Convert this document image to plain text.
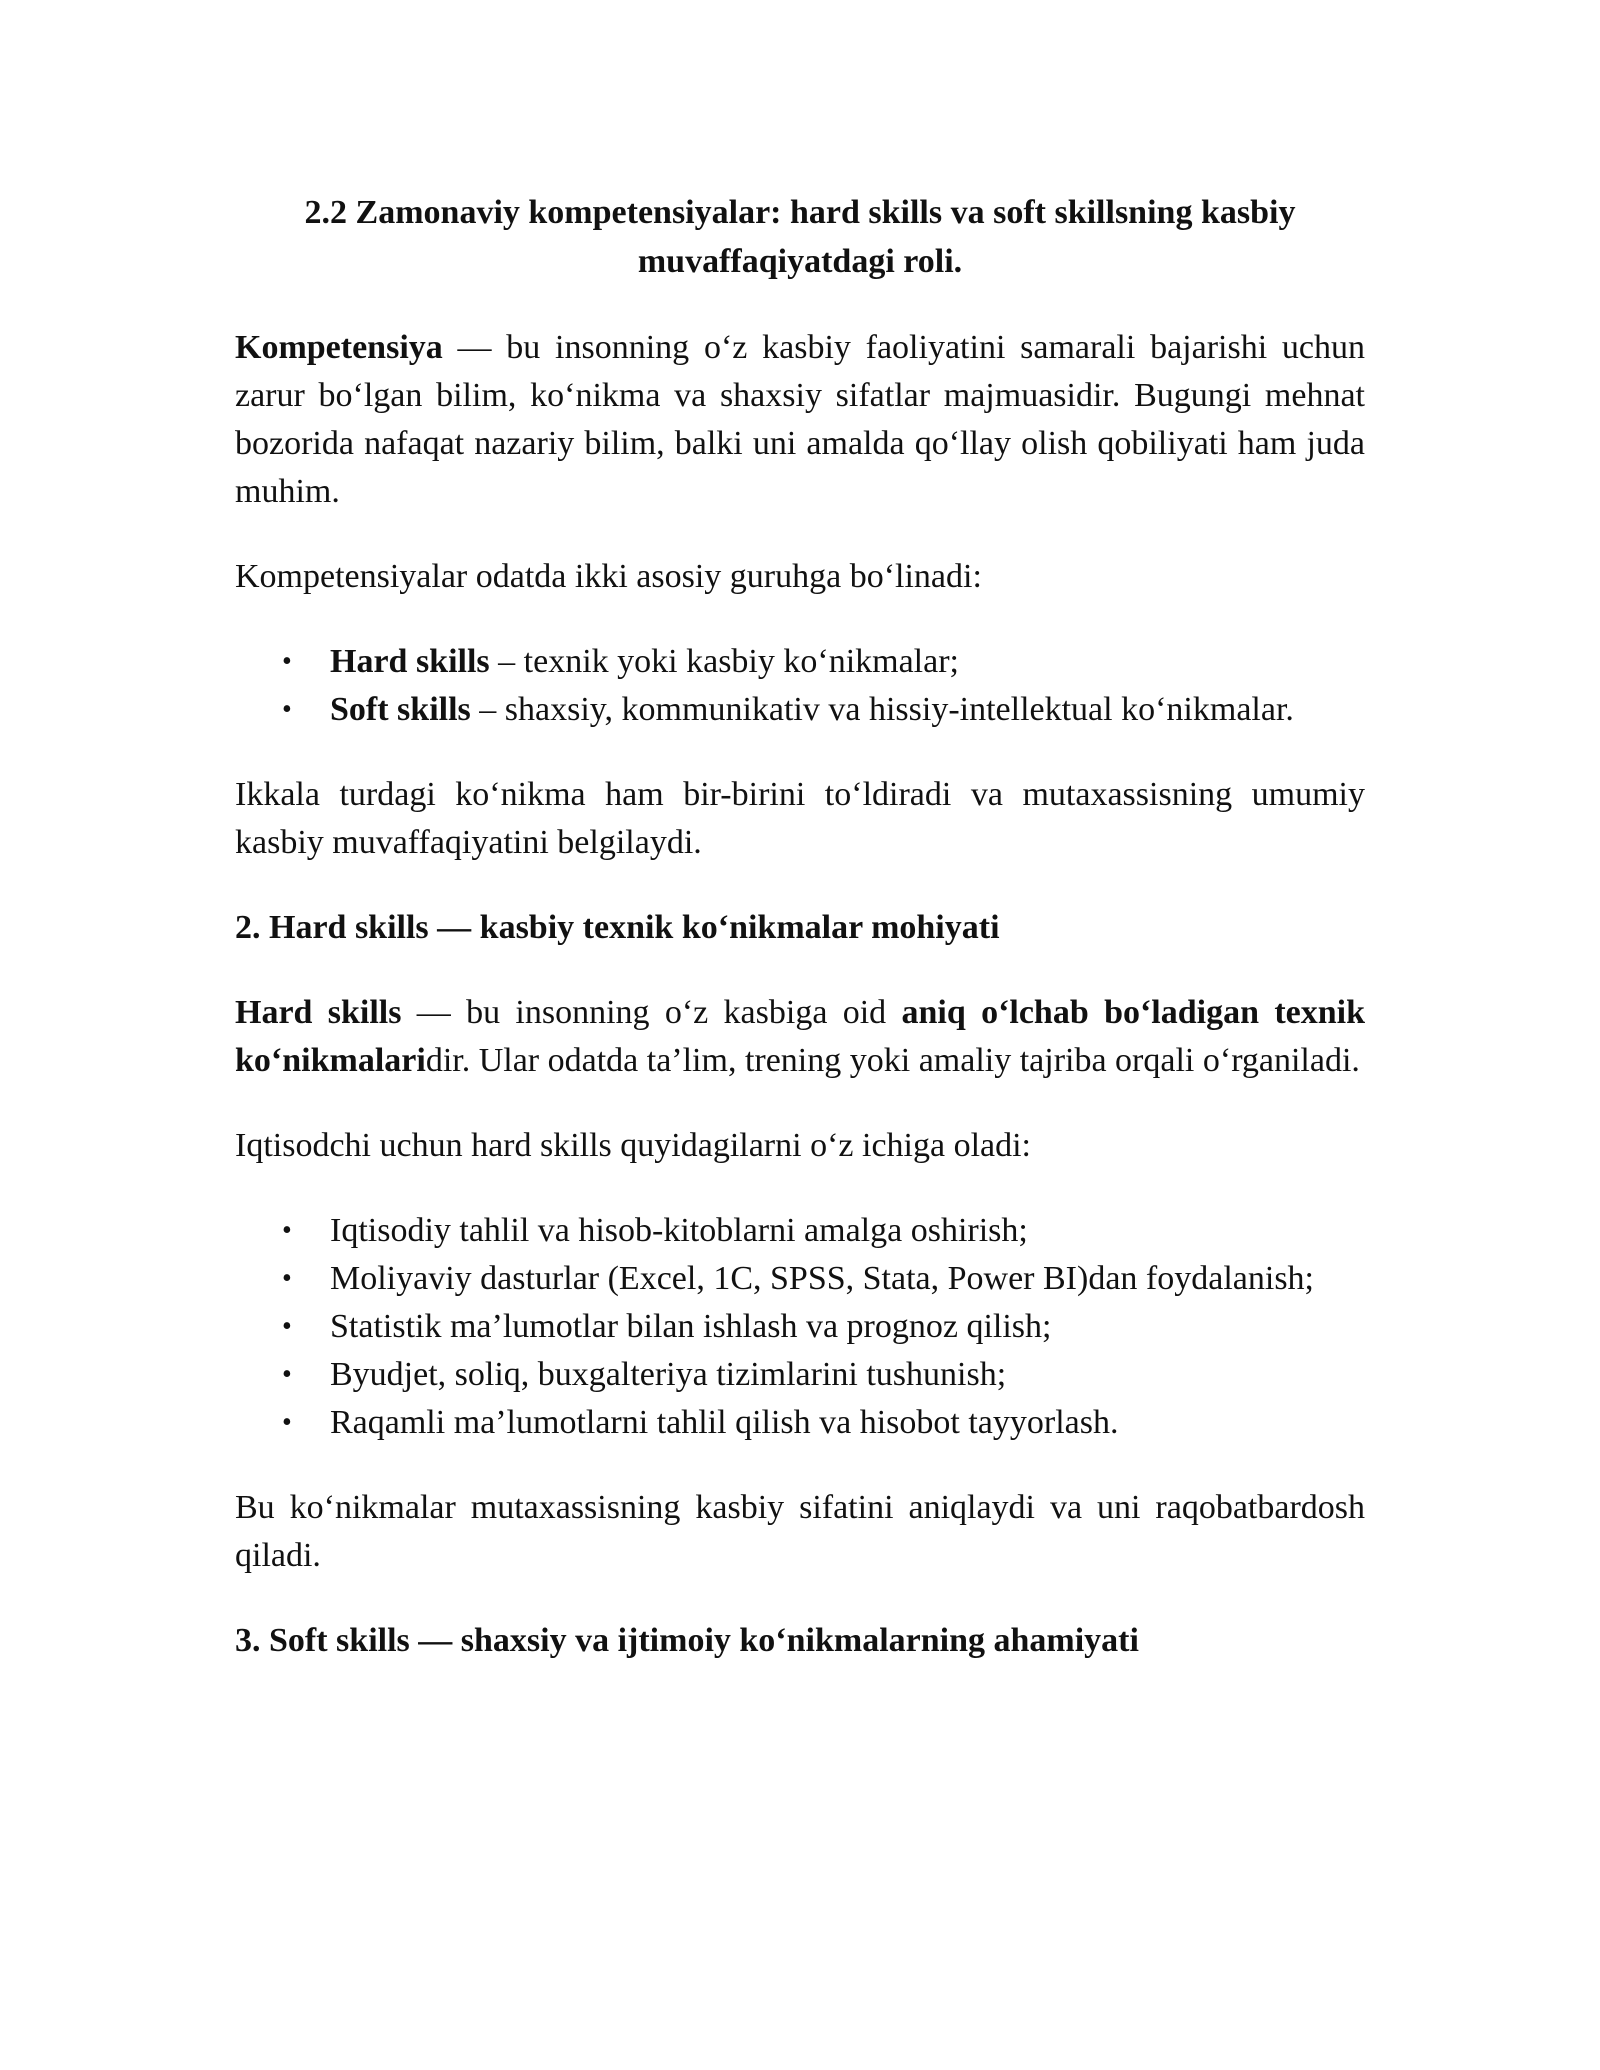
2.2 Zamonaviy kompetensiyalar: hard skills va soft skillsning kasbiy muvaffaqiyatdagi roli.

Kompetensiya — bu insonning o‘z kasbiy faoliyatini samarali bajarishi uchun zarur bo‘lgan bilim, ko‘nikma va shaxsiy sifatlar majmuasidir. Bugungi mehnat bozorida nafaqat nazariy bilim, balki uni amalda qo‘llay olish qobiliyati ham juda muhim.

Kompetensiyalar odatda ikki asosiy guruhga bo‘linadi:

• Hard skills – texnik yoki kasbiy ko‘nikmalar;
• Soft skills – shaxsiy, kommunikativ va hissiy-intellektual ko‘nikmalar.

Ikkala turdagi ko‘nikma ham bir-birini to‘ldiradi va mutaxassisning umumiy kasbiy muvaffaqiyatini belgilaydi.

2. Hard skills — kasbiy texnik ko‘nikmalar mohiyati

Hard skills — bu insonning o‘z kasbiga oid aniq o‘lchab bo‘ladigan texnik ko‘nikmalaridir. Ular odatda ta’lim, trening yoki amaliy tajriba orqali o‘rganiladi.

Iqtisodchi uchun hard skills quyidagilarni o‘z ichiga oladi:

• Iqtisodiy tahlil va hisob-kitoblarni amalga oshirish;
• Moliyaviy dasturlar (Excel, 1C, SPSS, Stata, Power BI)dan foydalanish;
• Statistik ma’lumotlar bilan ishlash va prognoz qilish;
• Byudjet, soliq, buxgalteriya tizimlarini tushunish;
• Raqamli ma’lumotlarni tahlil qilish va hisobot tayyorlash.

Bu ko‘nikmalar mutaxassisning kasbiy sifatini aniqlaydi va uni raqobatbardosh qiladi.

3. Soft skills — shaxsiy va ijtimoiy ko‘nikmalarning ahamiyati
